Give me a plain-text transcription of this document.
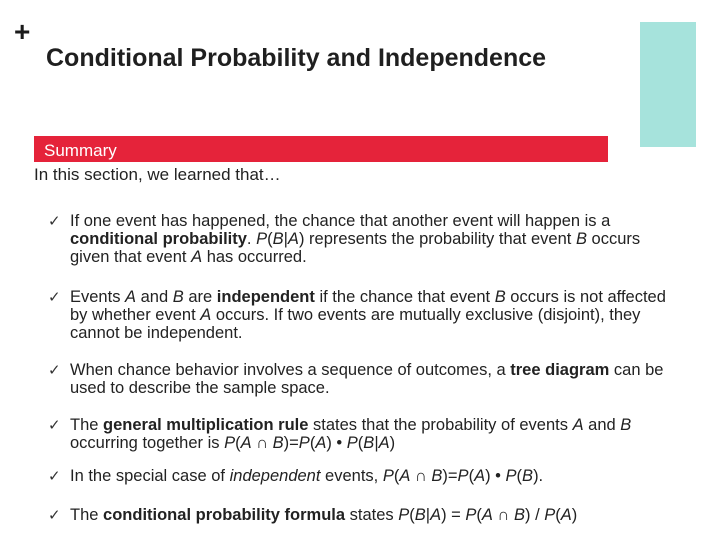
+
Conditional Probability and Independence
Summary
In this section, we learned that…
✓ If one event has happened, the chance that another event will happen is a conditional probability. P(B|A) represents the probability that event B occurs given that event A has occurred.
✓ Events A and B are independent if the chance that event B occurs is not affected by whether event A occurs. If two events are mutually exclusive (disjoint), they cannot be independent.
✓ When chance behavior involves a sequence of outcomes, a tree diagram can be used to describe the sample space.
✓ The general multiplication rule states that the probability of events A and B occurring together is P(A ∩ B)=P(A) • P(B|A)
✓ In the special case of independent events, P(A ∩ B)=P(A) • P(B).
✓ The conditional probability formula states P(B|A) = P(A ∩ B) / P(A)
